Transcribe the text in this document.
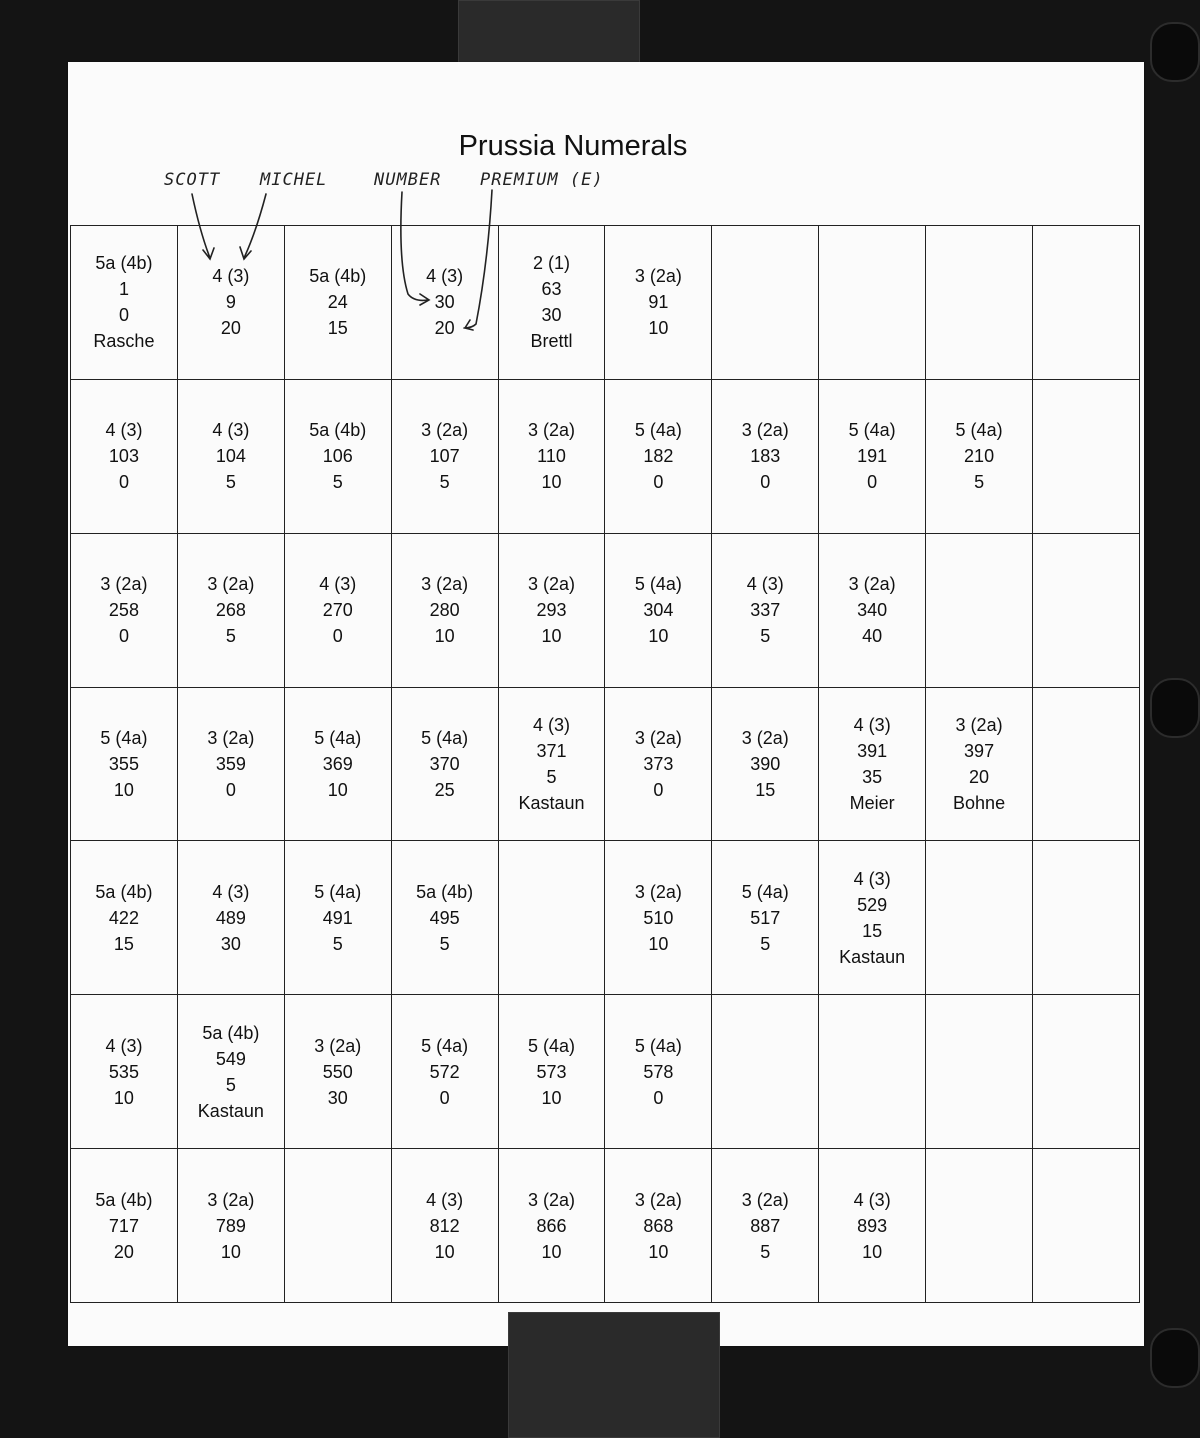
Prussia Numerals
SCOTT MICHEL	NUMBER PREMIUM (E)
5a (4b)
1
0
Rasche	4 (3)
9
20	5a (4b)
24
15	4 (3)
30
20	2 (1)
63
30
Brettl	3 (2a)
91
10				

4 (3)
103
0	4 (3)
104
5	5a (4b)
106
5	3 (2a)
107
5	3 (2a)
110
10	5 (4a)
182
0	3 (2a)
183
0	5 (4a)
191
0	5 (4a)
210
5	

3 (2a)
258
0	3 (2a)
268
5	4 (3)
270
0	3 (2a)
280
10	3 (2a)
293
10	5 (4a)
304
10	4 (3)
337
5	3 (2a)
340
40		

5 (4a)
355
10	3 (2a)
359
0	5 (4a)
369
10	5 (4a)
370
25	4 (3)
371
5
Kastaun	3 (2a)
373
0	3 (2a)
390
15	4 (3)
391
35
Meier	3 (2a)
397
20
Bohne	

5a (4b)
422
15	4 (3)
489
30	5 (4a)
491
5	5a (4b)
495
5		3 (2a)
510
10	5 (4a)
517
5	4 (3)
529
15
Kastaun		

4 (3)
535
10	5a (4b)
549
5
Kastaun	3 (2a)
550
30	5 (4a)
572
0	5 (4a)
573
10	5 (4a)
578
0				

5a (4b)
717
20	3 (2a)
789
10		4 (3)
812
10	3 (2a)
866
10	3 (2a)
868
10	3 (2a)
887
5	4 (3)
893
10		
